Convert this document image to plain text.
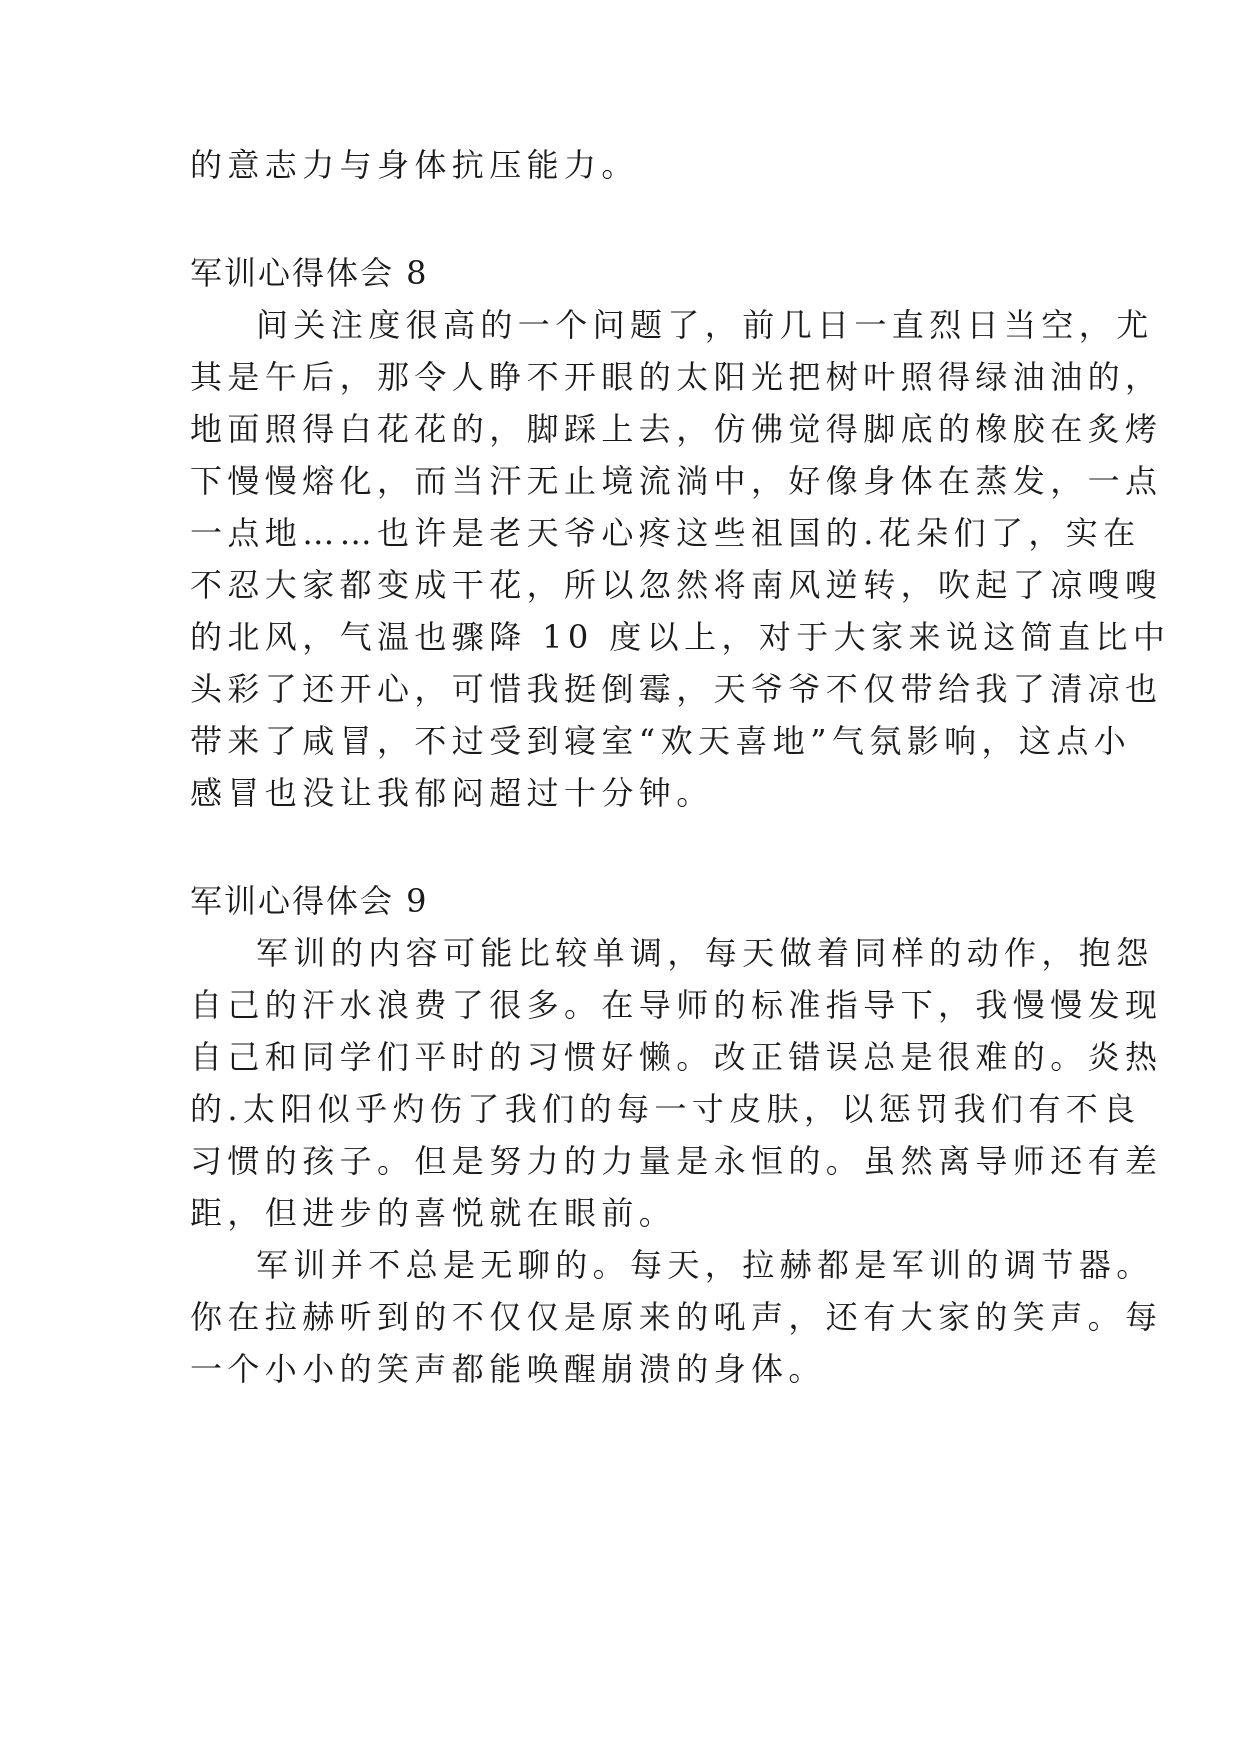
的意志力与身体抗压能力。
军训心得体会 8
间关注度很高的一个问题了，前几日一直烈日当空，尤
其是午后，那令人睁不开眼的太阳光把树叶照得绿油油的，
地面照得白花花的，脚踩上去，仿佛觉得脚底的橡胶在炙烤
下慢慢熔化，而当汗无止境流淌中，好像身体在蒸发，一点
一点地……也许是老天爷心疼这些祖国的.花朵们了，实在
不忍大家都变成干花，所以忽然将南风逆转，吹起了凉嗖嗖
的北风，气温也骤降 10 度以上，对于大家来说这简直比中
头彩了还开心，可惜我挺倒霉，天爷爷不仅带给我了清凉也
带来了咸冒，不过受到寝室“欢天喜地”气氛影响，这点小
感冒也没让我郁闷超过十分钟。
军训心得体会 9
军训的内容可能比较单调，每天做着同样的动作，抱怨
自己的汗水浪费了很多。在导师的标准指导下，我慢慢发现
自己和同学们平时的习惯好懒。改正错误总是很难的。炎热
的.太阳似乎灼伤了我们的每一寸皮肤，以惩罚我们有不良
习惯的孩子。但是努力的力量是永恒的。虽然离导师还有差
距，但进步的喜悦就在眼前。
军训并不总是无聊的。每天，拉赫都是军训的调节器。
你在拉赫听到的不仅仅是原来的吼声，还有大家的笑声。每
一个小小的笑声都能唤醒崩溃的身体。
